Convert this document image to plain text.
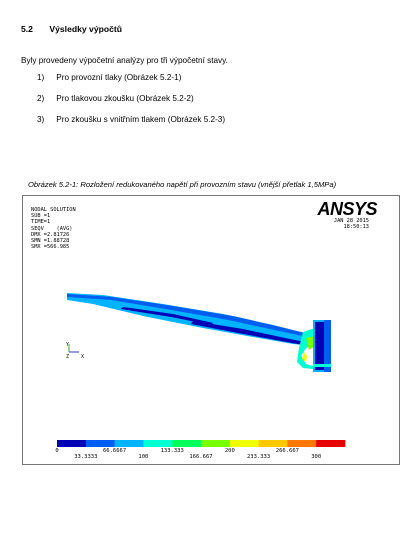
5.2 Výsledky výpočtů
Byly provedeny výpočetní analýzy pro tři výpočetní stavy.
1) Pro provozní tlaky (Obrázek 5.2-1)
2) Pro tlakovou zkoušku (Obrázek 5.2-2)
3) Pro zkoušku s vnitřním tlakem (Obrázek 5.2-3)
Obrázek 5.2-1: Rozložení redukovaného napětí při provozním stavu (vnější přetlak 1,5MPa)
NODAL SOLUTION
SUB =1
TIME=1
SEQV    (AVG)
DMX =2.81726
SMN =1.88728
SMX =566.985
ANSYS
JAN 28 2015
18:50:13
Y
Z X
0	66.6667	133.333	200	266.667
33.3333	100	166.667	233.333	300
